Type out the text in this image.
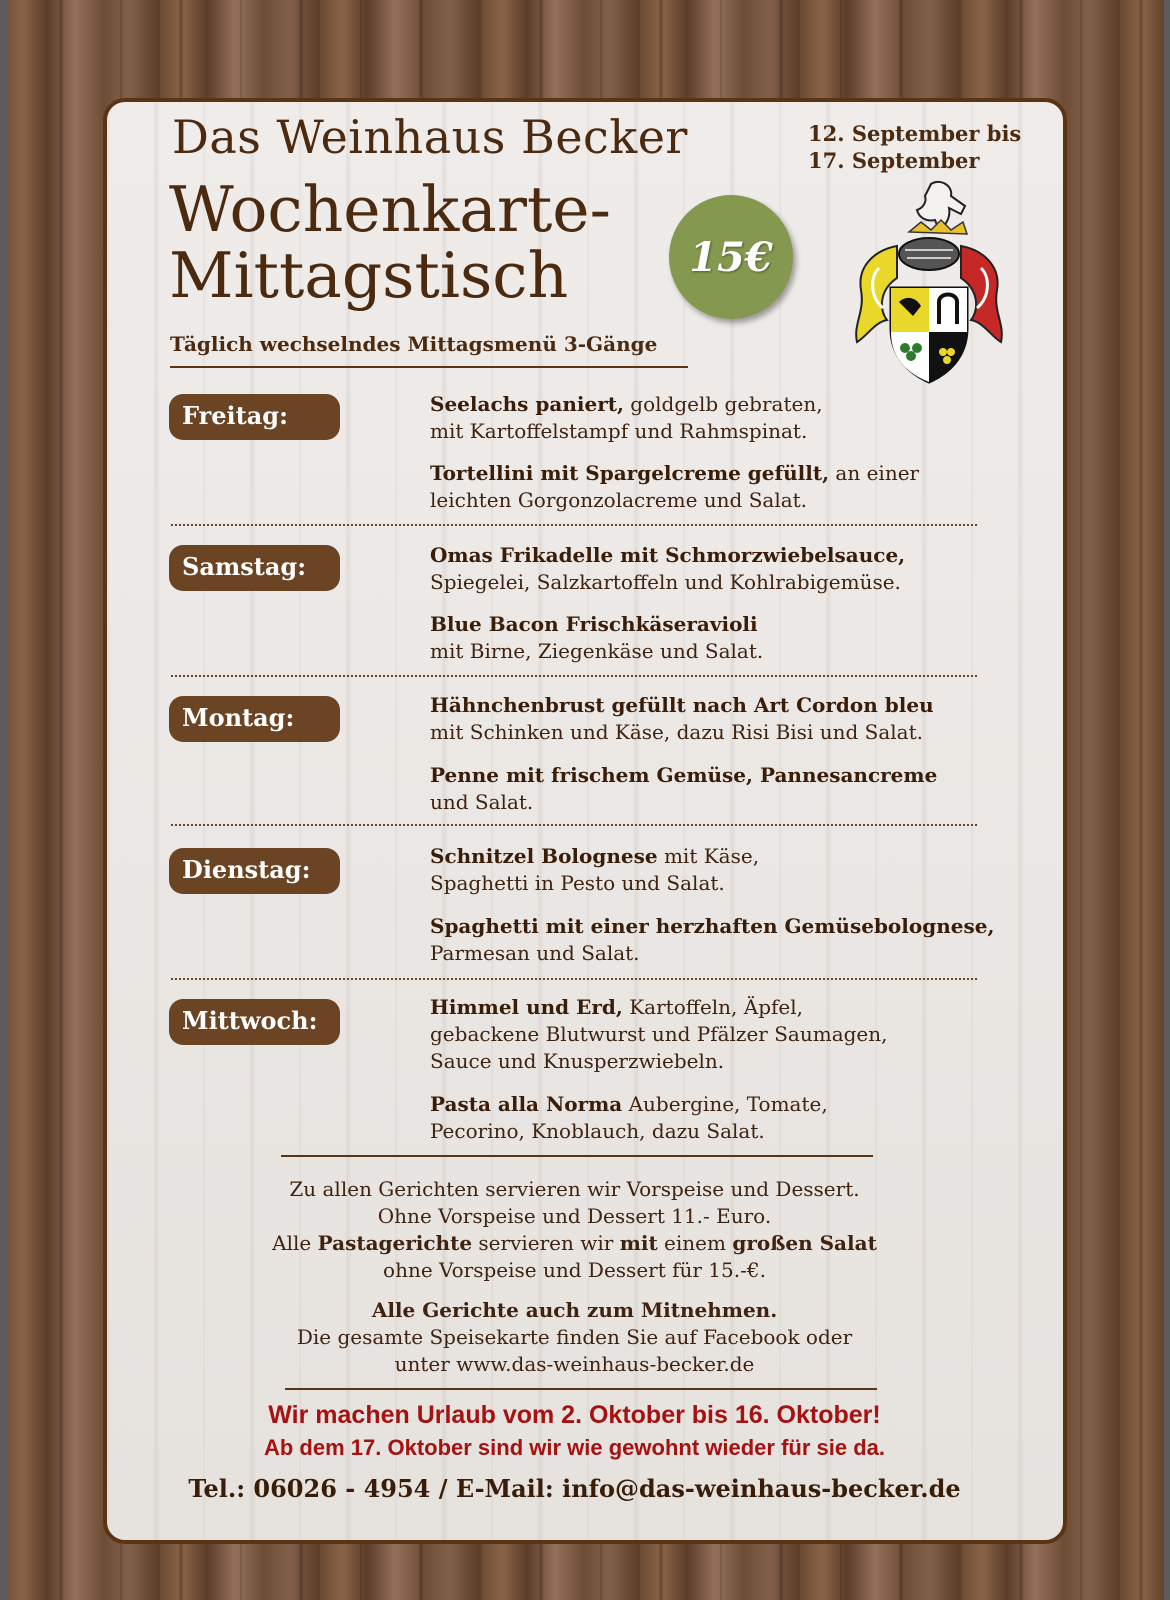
Das Weinhaus Becker
Wochenkarte-
Mittagstisch
12. September bis
17. September
15€
Täglich wechselndes Mittagsmenü 3-Gänge
Freitag:	Seelachs paniert, goldgelb gebraten,
mit Kartoffelstampf und Rahmspinat.
Tortellini mit Spargelcreme gefüllt, an einer
leichten Gorgonzolacreme und Salat.
Samstag:	Omas Frikadelle mit Schmorzwiebelsauce,
Spiegelei, Salzkartoffeln und Kohlrabigemüse.
Blue Bacon Frischkäseravioli
mit Birne, Ziegenkäse und Salat.
Montag:	Hähnchenbrust gefüllt nach Art Cordon bleu
mit Schinken und Käse, dazu Risi Bisi und Salat.
Penne mit frischem Gemüse, Pannesancreme
und Salat.
Dienstag:	Schnitzel Bolognese mit Käse,
Spaghetti in Pesto und Salat.
Spaghetti mit einer herzhaften Gemüsebolognese,
Parmesan und Salat.
Mittwoch:	Himmel und Erd, Kartoffeln, Äpfel,
gebackene Blutwurst und Pfälzer Saumagen,
Sauce und Knusperzwiebeln.
Pasta alla Norma Aubergine, Tomate,
Pecorino, Knoblauch, dazu Salat.
Zu allen Gerichten servieren wir Vorspeise und Dessert.
Ohne Vorspeise und Dessert 11.- Euro.
Alle Pastagerichte servieren wir mit einem großen Salat
ohne Vorspeise und Dessert für 15.-€.
Alle Gerichte auch zum Mitnehmen.
Die gesamte Speisekarte finden Sie auf Facebook oder
unter www.das-weinhaus-becker.de
Wir machen Urlaub vom 2. Oktober bis 16. Oktober!
Ab dem 17. Oktober sind wir wie gewohnt wieder für sie da.
Tel.: 06026 - 4954 / E-Mail: info@das-weinhaus-becker.de
